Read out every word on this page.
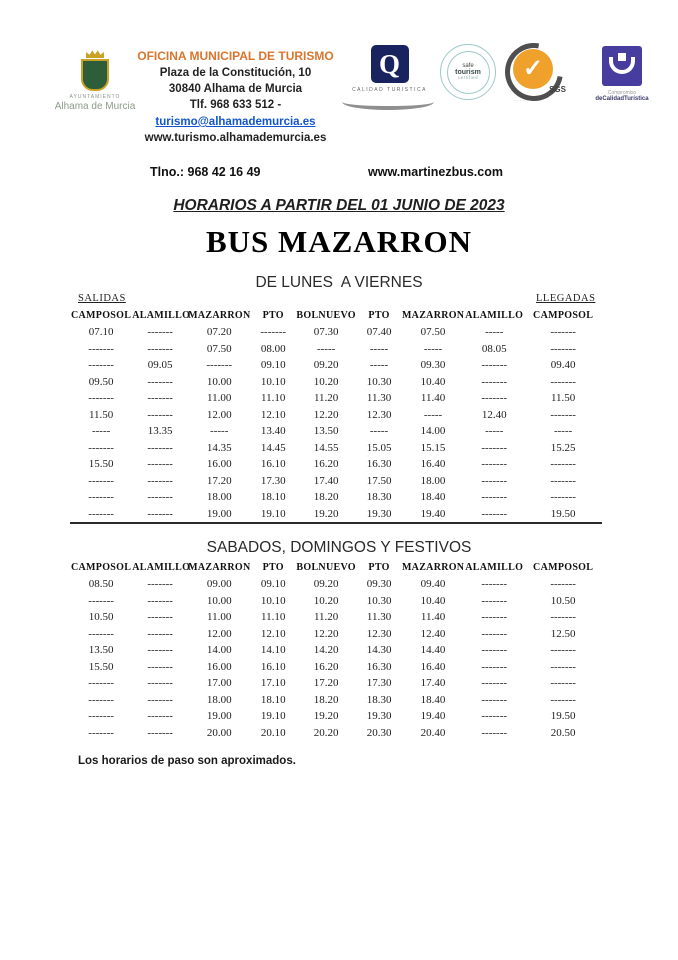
AYUNTAMIENTO
Alhama de Murcia
OFICINA MUNICIPAL DE TURISMO
Plaza de la Constitución, 10
30840 Alhama de Murcia
Tlf. 968 633 512 -
turismo@alhamademurcia.es
www.turismo.alhamademurcia.es
Q
CALIDAD TURISTICA
safe
tourism
certified	✓
SGS
·····
Compromiso
deCalidadTurística
Tlno.: 968 42 16 49	www.martinezbus.com
HORARIOS A PARTIR DEL 01 JUNIO DE 2023
BUS MAZARRON
DE LUNES  A VIERNES
SALIDAS	LLEGADAS
CAMPOSOL	ALAMILLO	MAZARRON	PTO	BOLNUEVO	PTO	MAZARRON	ALAMILLO	CAMPOSOL
07.10	-------	07.20	-------	07.30	07.40	07.50	-----	-------
-------	-------	07.50	08.00	-----	-----	-----	08.05	-------
-------	09.05	-------	09.10	09.20	-----	09.30	-------	09.40
09.50	-------	10.00	10.10	10.20	10.30	10.40	-------	-------
-------	-------	11.00	11.10	11.20	11.30	11.40	-------	11.50
11.50	-------	12.00	12.10	12.20	12.30	-----	12.40	-------
-----	13.35	-----	13.40	13.50	-----	14.00	-----	-----
-------	-------	14.35	14.45	14.55	15.05	15.15	-------	15.25
15.50	-------	16.00	16.10	16.20	16.30	16.40	-------	-------
-------	-------	17.20	17.30	17.40	17.50	18.00	-------	-------
-------	-------	18.00	18.10	18.20	18.30	18.40	-------	-------
-------	-------	19.00	19.10	19.20	19.30	19.40	-------	19.50
SABADOS, DOMINGOS Y FESTIVOS
CAMPOSOL	ALAMILLO	MAZARRON	PTO	BOLNUEVO	PTO	MAZARRON	ALAMILLO	CAMPOSOL
08.50	-------	09.00	09.10	09.20	09.30	09.40	-------	-------
-------	-------	10.00	10.10	10.20	10.30	10.40	-------	10.50
10.50	-------	11.00	11.10	11.20	11.30	11.40	-------	-------
-------	-------	12.00	12.10	12.20	12.30	12.40	-------	12.50
13.50	-------	14.00	14.10	14.20	14.30	14.40	-------	-------
15.50	-------	16.00	16.10	16.20	16.30	16.40	-------	-------
-------	-------	17.00	17.10	17.20	17.30	17.40	-------	-------
-------	-------	18.00	18.10	18.20	18.30	18.40	-------	-------
-------	-------	19.00	19.10	19.20	19.30	19.40	-------	19.50
-------	-------	20.00	20.10	20.20	20.30	20.40	-------	20.50
Los horarios de paso son aproximados.
